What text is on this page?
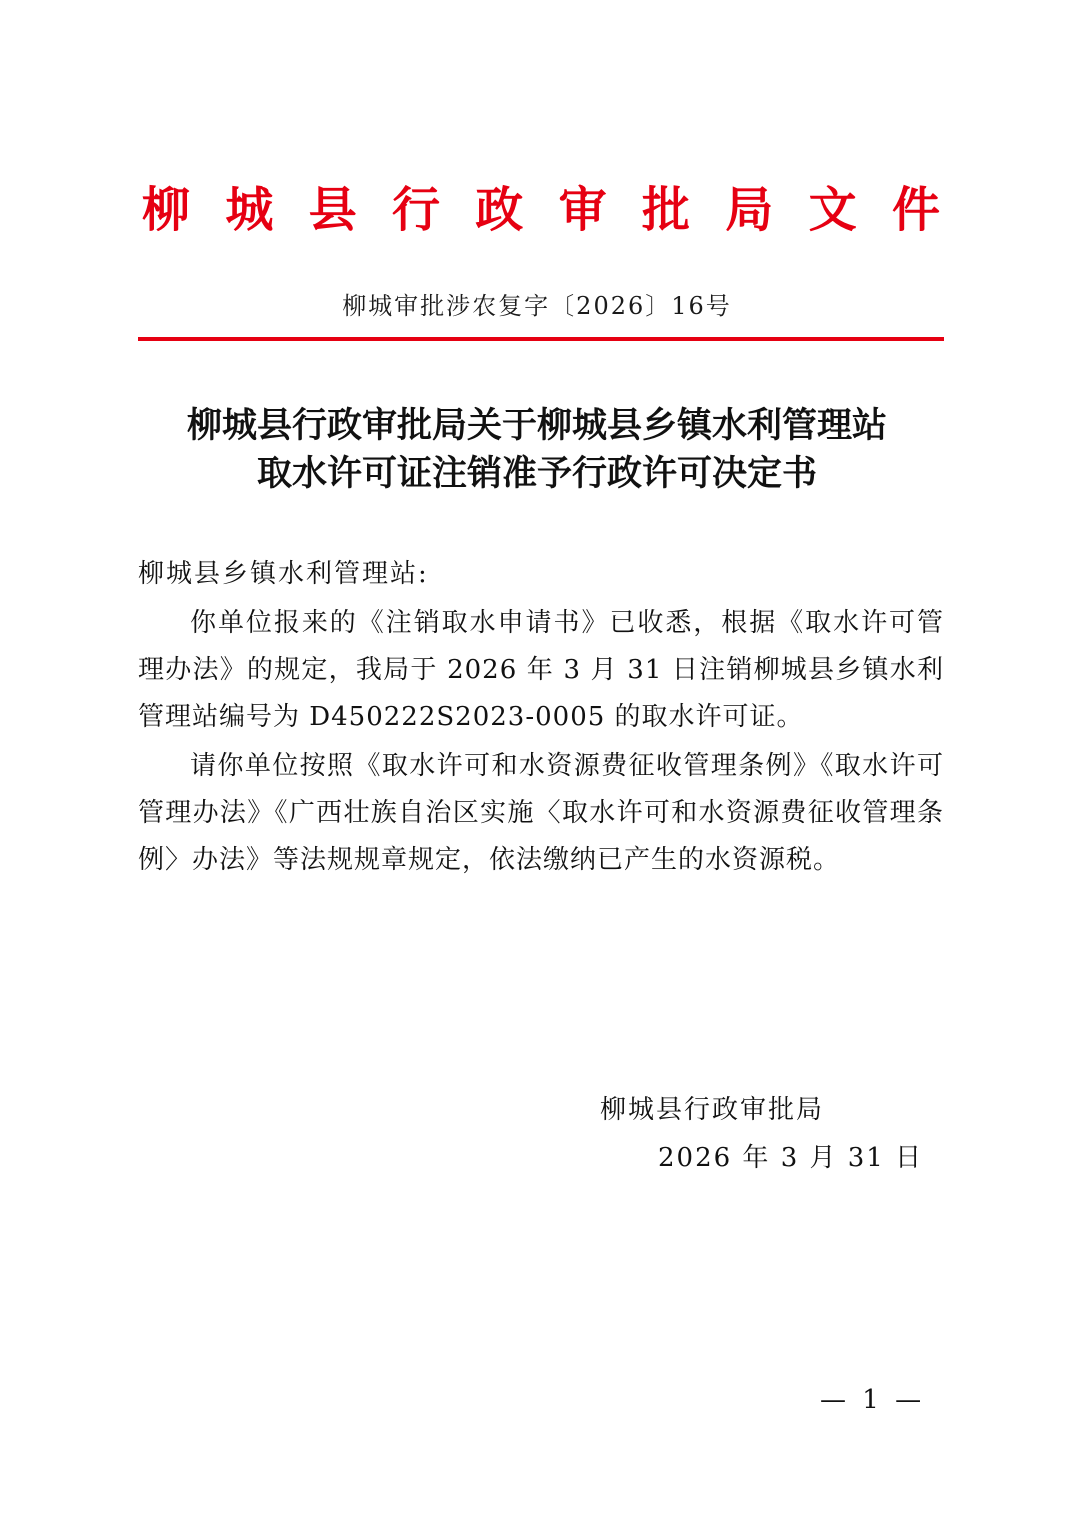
柳 城 县 行 政 审 批 局 文 件
柳城审批涉农复字〔2026〕16号
柳城县行政审批局关于柳城县乡镇水利管理站
取水许可证注销准予行政许可决定书
柳城县乡镇水利管理站:
你单位报来的《注销取水申请书》已收悉，根据《取水许可管理办法》的规定，我局于 2026 年 3 月 31 日注销柳城县乡镇水利管理站编号为 D450222S2023-0005 的取水许可证。
请你单位按照《取水许可和水资源费征收管理条例》《取水许可管理办法》《广西壮族自治区实施〈取水许可和水资源费征收管理条例〉办法》等法规规章规定，依法缴纳已产生的水资源税。
柳城县行政审批局
2026 年 3 月 31 日
— 1 —
